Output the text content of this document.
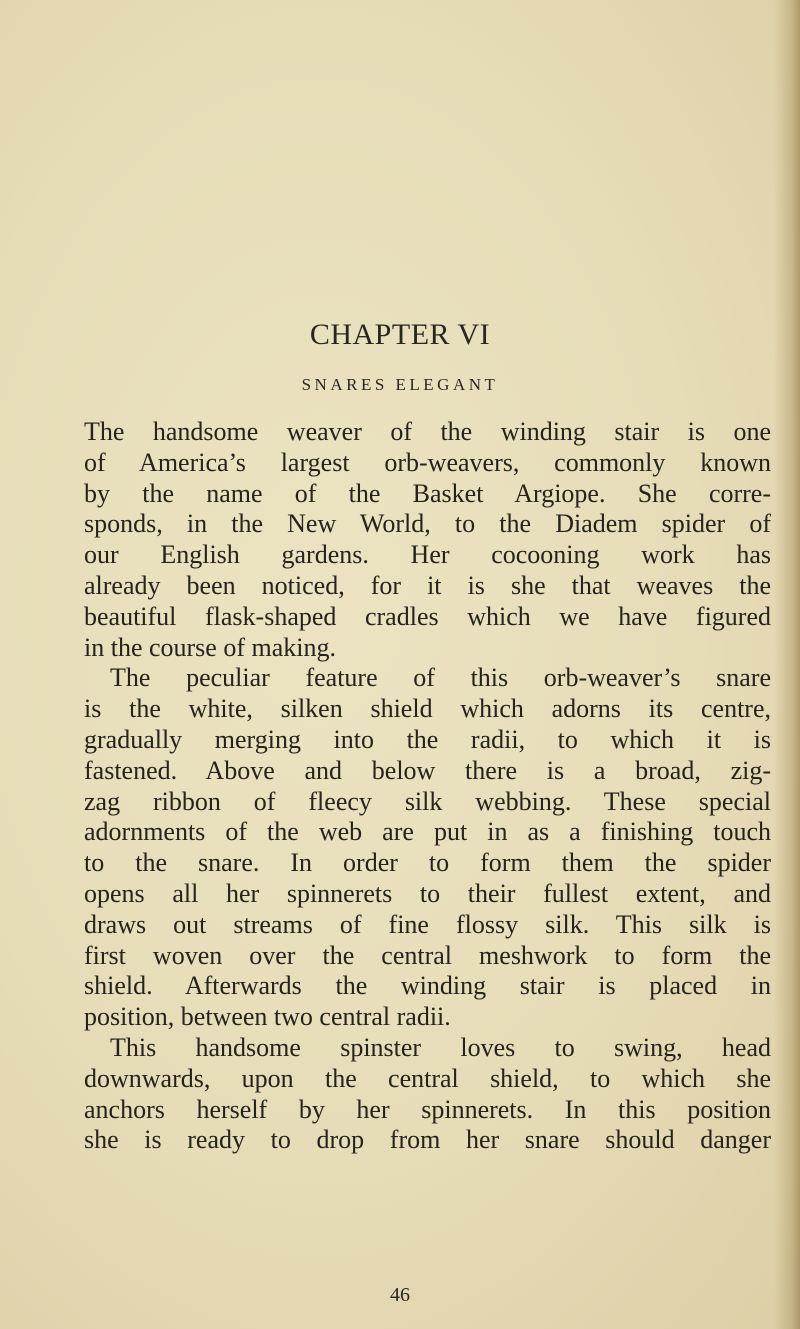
CHAPTER VI
SNARES ELEGANT
The handsome weaver of the winding stair is one
of America’s largest orb-weavers, commonly known
by the name of the Basket Argiope. She corre-
sponds, in the New World, to the Diadem spider of
our English gardens. Her cocooning work has
already been noticed, for it is she that weaves the
beautiful flask-shaped cradles which we have figured
in the course of making.
The peculiar feature of this orb-weaver’s snare
is the white, silken shield which adorns its centre,
gradually merging into the radii, to which it is
fastened. Above and below there is a broad, zig-
zag ribbon of fleecy silk webbing. These special
adornments of the web are put in as a finishing touch
to the snare. In order to form them the spider
opens all her spinnerets to their fullest extent, and
draws out streams of fine flossy silk. This silk is
first woven over the central meshwork to form the
shield. Afterwards the winding stair is placed in
position, between two central radii.
This handsome spinster loves to swing, head
downwards, upon the central shield, to which she
anchors herself by her spinnerets. In this position
she is ready to drop from her snare should danger
46
